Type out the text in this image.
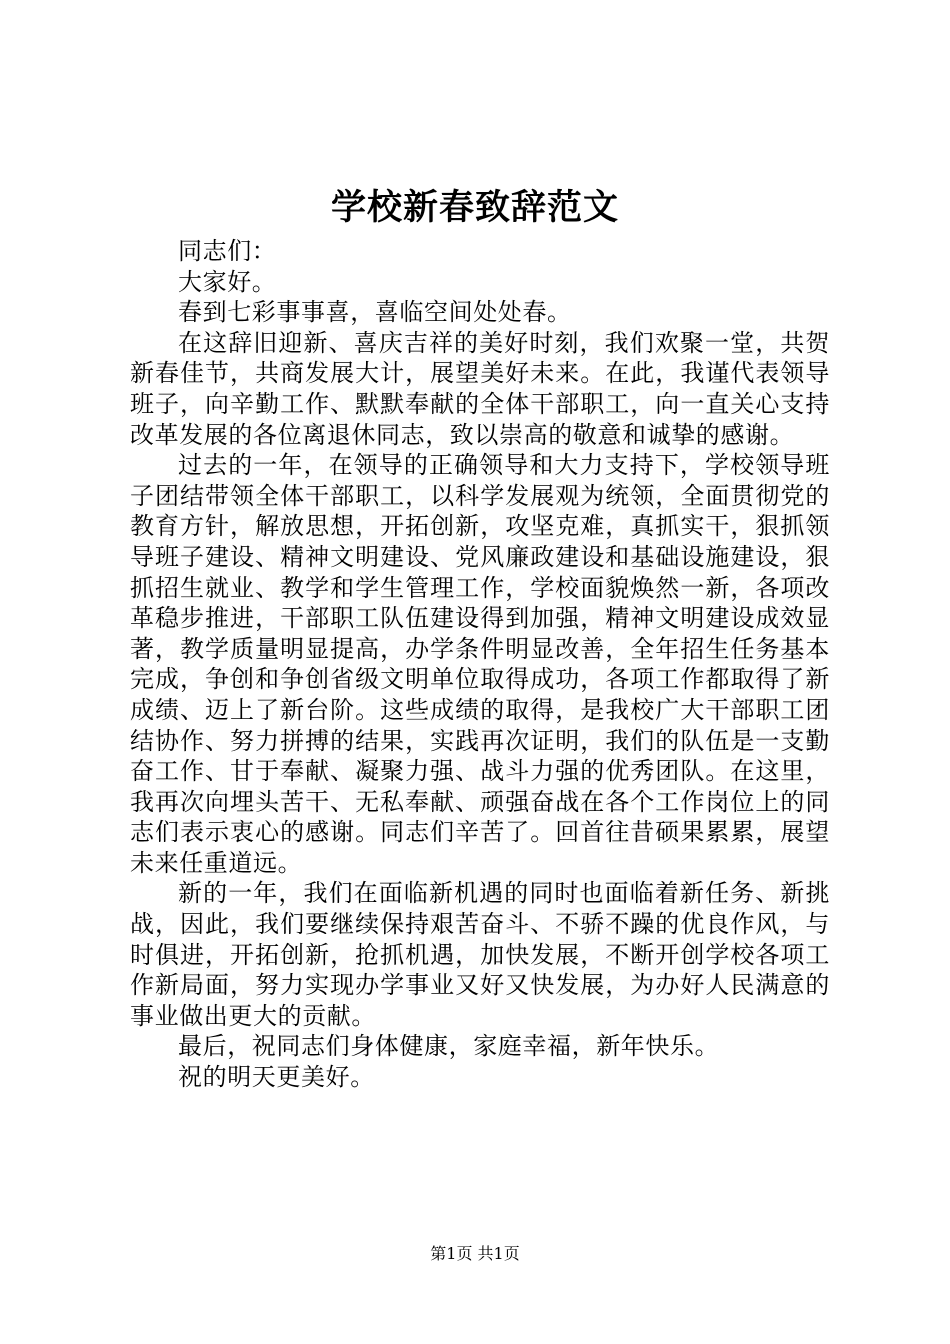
学校新春致辞范文

同志们：

大家好。

春到七彩事事喜，喜临空间处处春。

在这辞旧迎新、喜庆吉祥的美好时刻，我们欢聚一堂，共贺新春佳节，共商发展大计，展望美好未来。在此，我谨代表领导班子，向辛勤工作、默默奉献的全体干部职工，向一直关心支持改革发展的各位离退休同志，致以崇高的敬意和诚挚的感谢。

过去的一年，在领导的正确领导和大力支持下，学校领导班子团结带领全体干部职工，以科学发展观为统领，全面贯彻党的教育方针，解放思想，开拓创新，攻坚克难，真抓实干，狠抓领导班子建设、精神文明建设、党风廉政建设和基础设施建设，狠抓招生就业、教学和学生管理工作，学校面貌焕然一新，各项改革稳步推进，干部职工队伍建设得到加强，精神文明建设成效显著，教学质量明显提高，办学条件明显改善，全年招生任务基本完成，争创和争创省级文明单位取得成功，各项工作都取得了新成绩、迈上了新台阶。这些成绩的取得，是我校广大干部职工团结协作、努力拼搏的结果，实践再次证明，我们的队伍是一支勤奋工作、甘于奉献、凝聚力强、战斗力强的优秀团队。在这里，我再次向埋头苦干、无私奉献、顽强奋战在各个工作岗位上的同志们表示衷心的感谢。同志们辛苦了。回首往昔硕果累累，展望未来任重道远。

新的一年，我们在面临新机遇的同时也面临着新任务、新挑战，因此，我们要继续保持艰苦奋斗、不骄不躁的优良作风，与时俱进，开拓创新，抢抓机遇，加快发展，不断开创学校各项工作新局面，努力实现办学事业又好又快发展，为办好人民满意的事业做出更大的贡献。

最后，祝同志们身体健康，家庭幸福，新年快乐。

祝的明天更美好。

第1页 共1页
